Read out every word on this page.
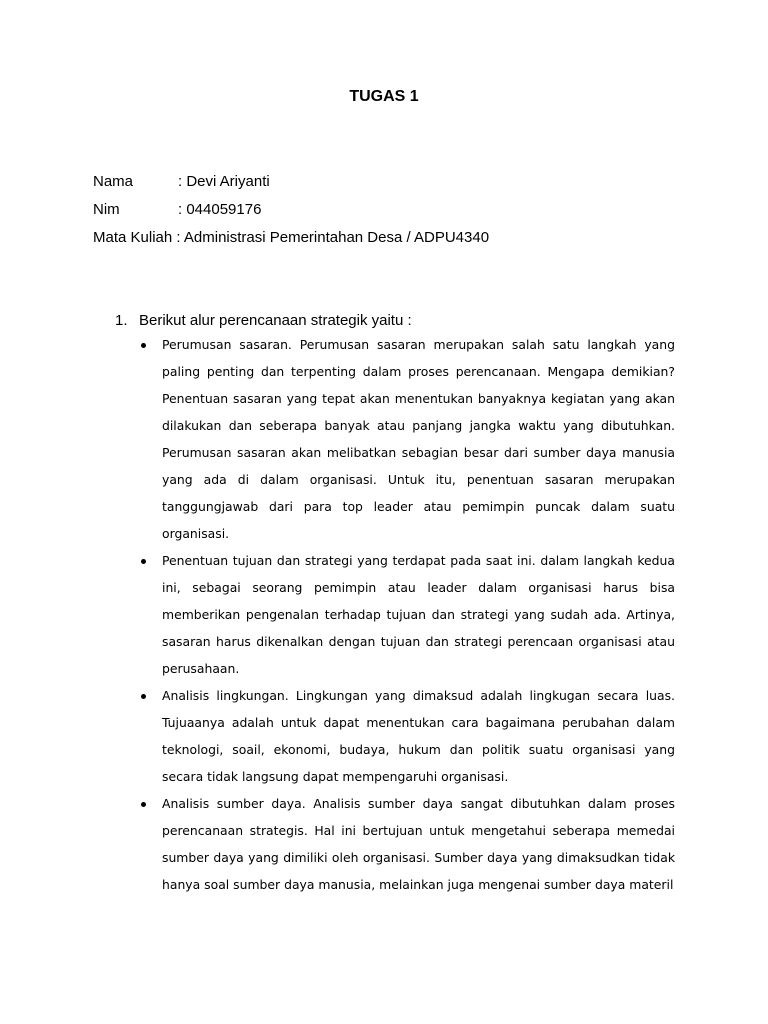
TUGAS 1
Nama	: Devi Ariyanti
Nim	: 044059176
Mata Kuliah : Administrasi Pemerintahan Desa / ADPU4340
1. Berikut alur perencanaan strategik yaitu :
Perumusan sasaran. Perumusan sasaran merupakan salah satu langkah yang paling penting dan terpenting dalam proses perencanaan. Mengapa demikian? Penentuan sasaran yang tepat akan menentukan banyaknya kegiatan yang akan dilakukan dan seberapa banyak atau panjang jangka waktu yang dibutuhkan. Perumusan sasaran akan melibatkan sebagian besar dari sumber daya manusia yang ada di dalam organisasi. Untuk itu, penentuan sasaran merupakan tanggungjawab dari para top leader atau pemimpin puncak dalam suatu organisasi.
Penentuan tujuan dan strategi yang terdapat pada saat ini. dalam langkah kedua ini, sebagai seorang pemimpin atau leader dalam organisasi harus bisa memberikan pengenalan terhadap tujuan dan strategi yang sudah ada. Artinya, sasaran harus dikenalkan dengan tujuan dan strategi perencaan organisasi atau perusahaan.
Analisis lingkungan. Lingkungan yang dimaksud adalah lingkugan secara luas. Tujuaanya adalah untuk dapat menentukan cara bagaimana perubahan dalam teknologi, soail, ekonomi, budaya, hukum dan politik suatu organisasi yang secara tidak langsung dapat mempengaruhi organisasi.
Analisis sumber daya. Analisis sumber daya sangat dibutuhkan dalam proses perencanaan strategis. Hal ini bertujuan untuk mengetahui seberapa memedai sumber daya yang dimiliki oleh organisasi. Sumber daya yang dimaksudkan tidak hanya soal sumber daya manusia, melainkan juga mengenai sumber daya materil
